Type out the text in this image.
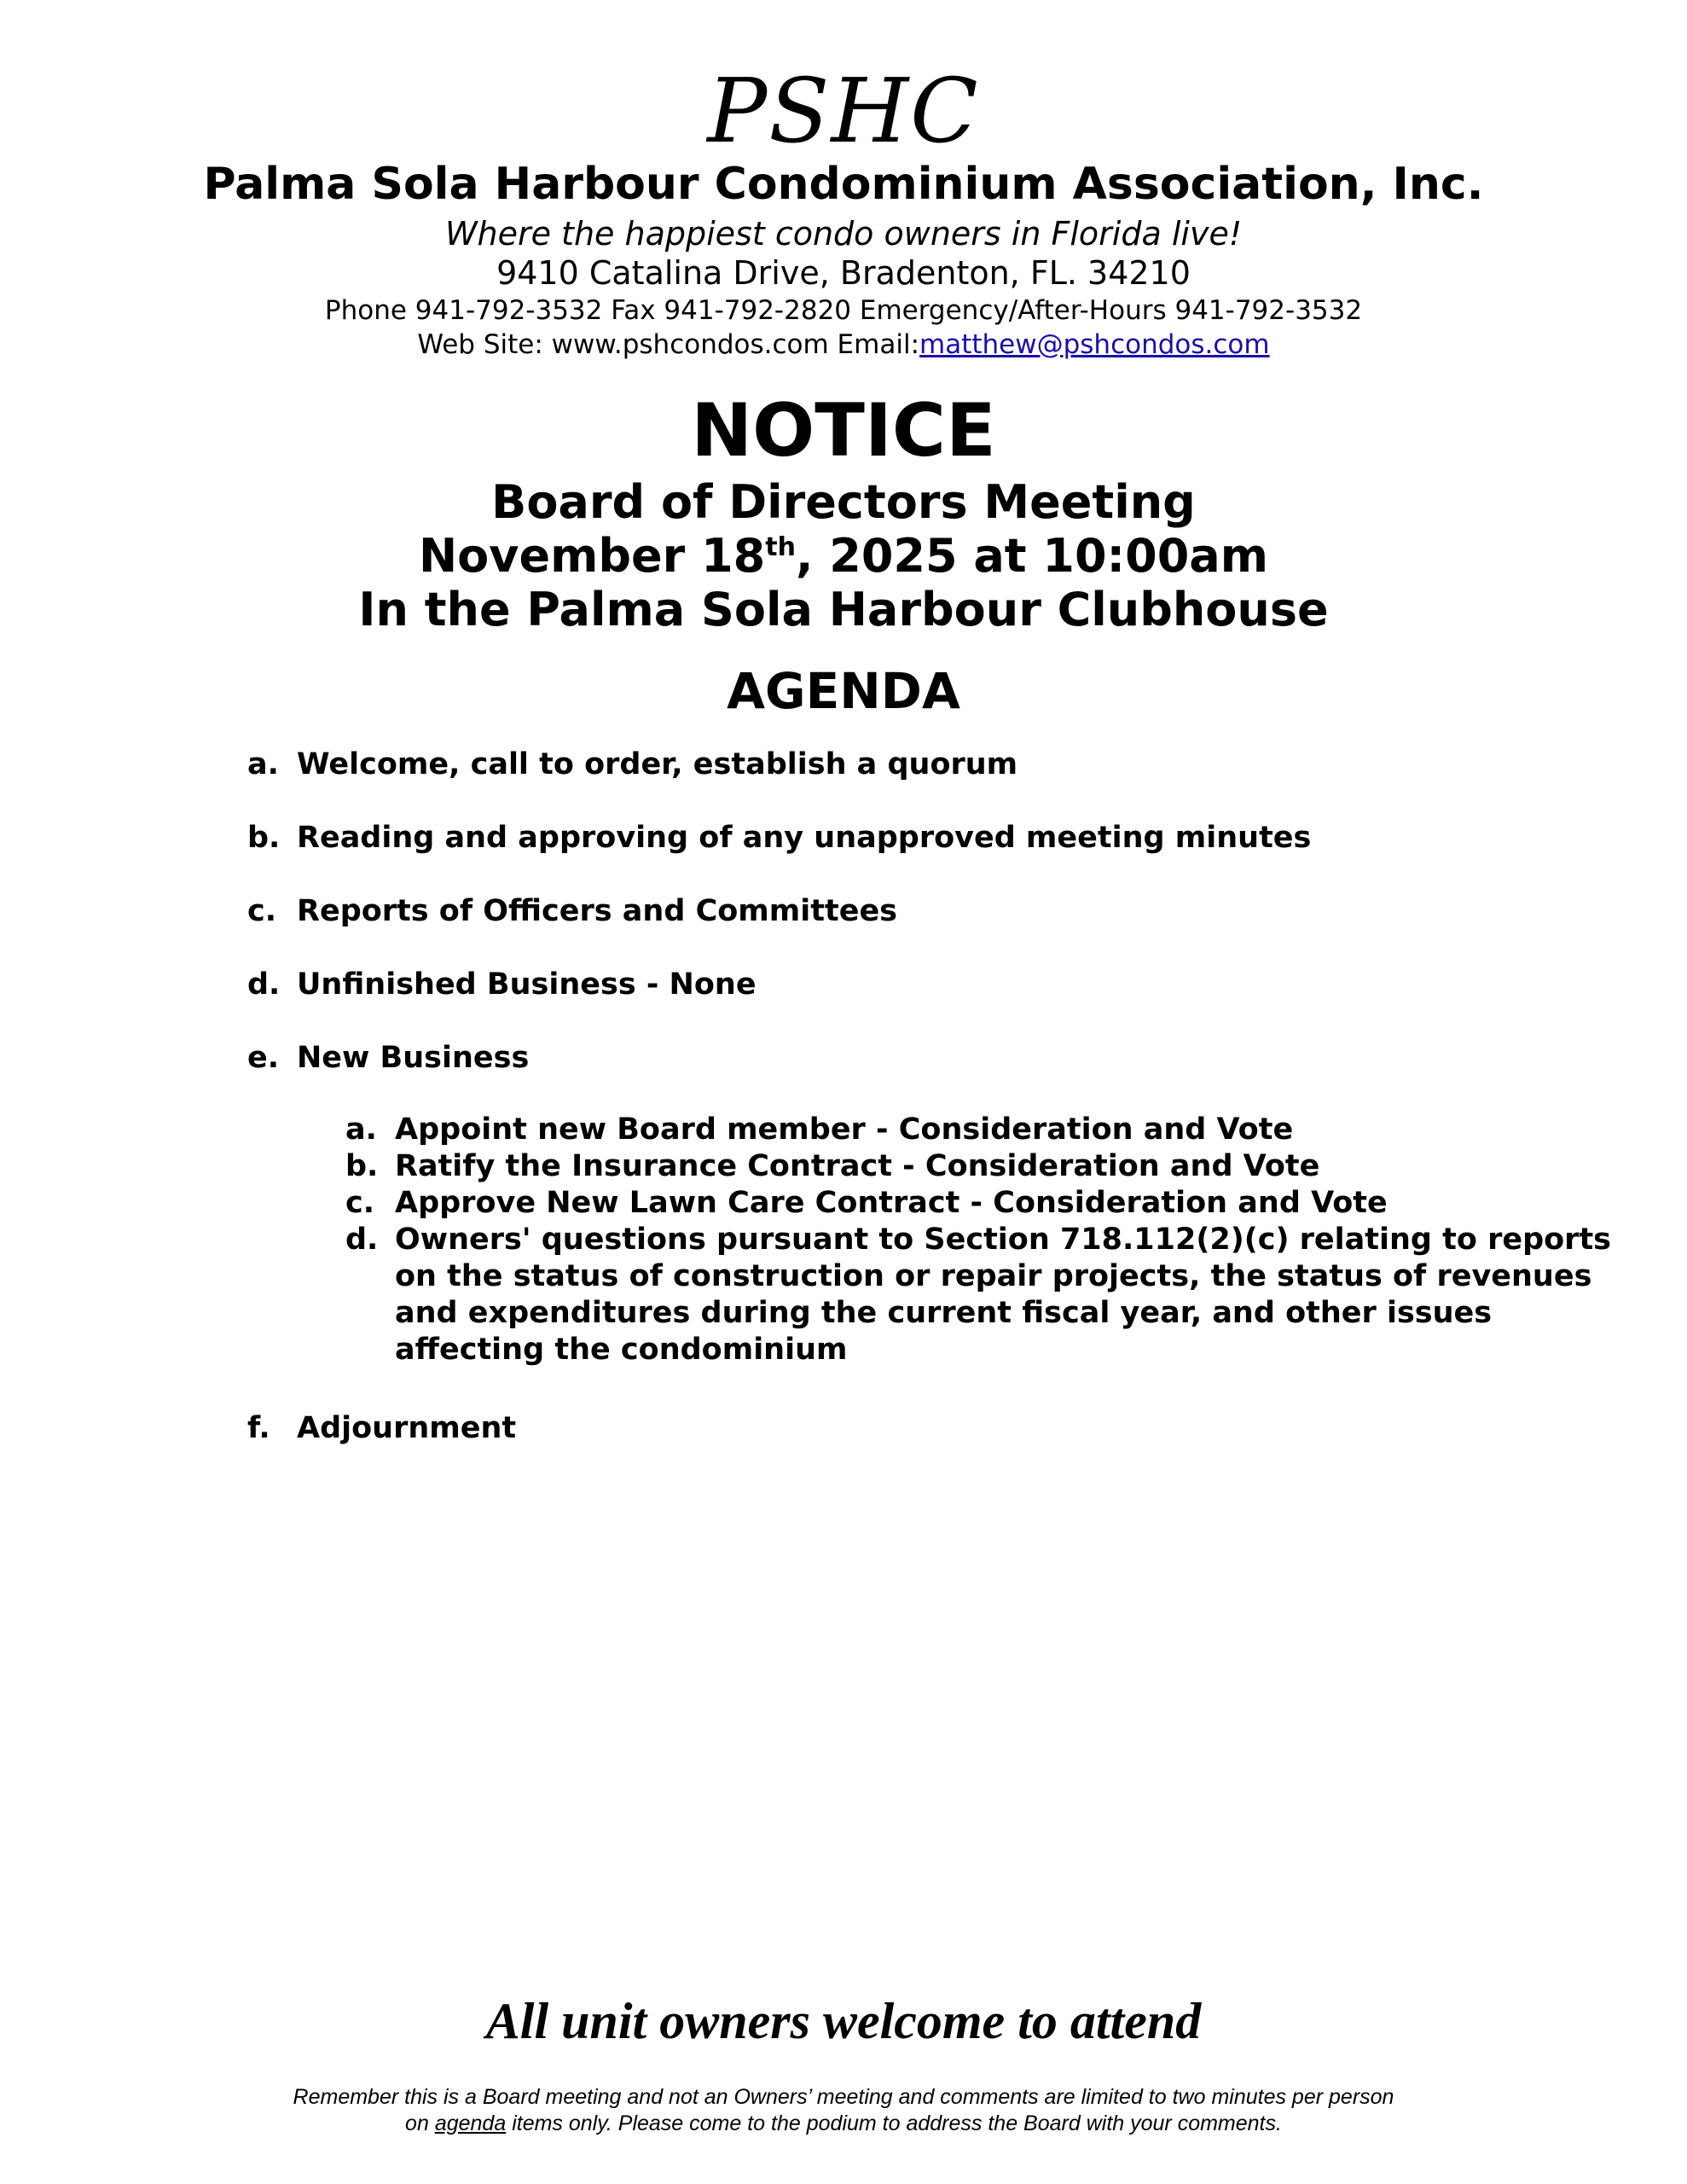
PSHC
Palma Sola Harbour Condominium Association, Inc.
Where the happiest condo owners in Florida live!
9410 Catalina Drive, Bradenton, FL. 34210
Phone 941-792-3532 Fax 941-792-2820 Emergency/After-Hours 941-792-3532
Web Site: www.pshcondos.com Email:matthew@pshcondos.com
NOTICE
Board of Directors Meeting
November 18th, 2025 at 10:00am
In the Palma Sola Harbour Clubhouse
AGENDA
a. Welcome, call to order, establish a quorum
b. Reading and approving of any unapproved meeting minutes
c. Reports of Officers and Committees
d. Unfinished Business - None
e. New Business
a. Appoint new Board member - Consideration and Vote
b. Ratify the Insurance Contract - Consideration and Vote
c. Approve New Lawn Care Contract - Consideration and Vote
d. Owners' questions pursuant to Section 718.112(2)(c) relating to reports
on the status of construction or repair projects, the status of revenues
and expenditures during the current fiscal year, and other issues
affecting the condominium
f. Adjournment
All unit owners welcome to attend
Remember this is a Board meeting and not an Owners’ meeting and comments are limited to two minutes per person
on agenda items only. Please come to the podium to address the Board with your comments.
